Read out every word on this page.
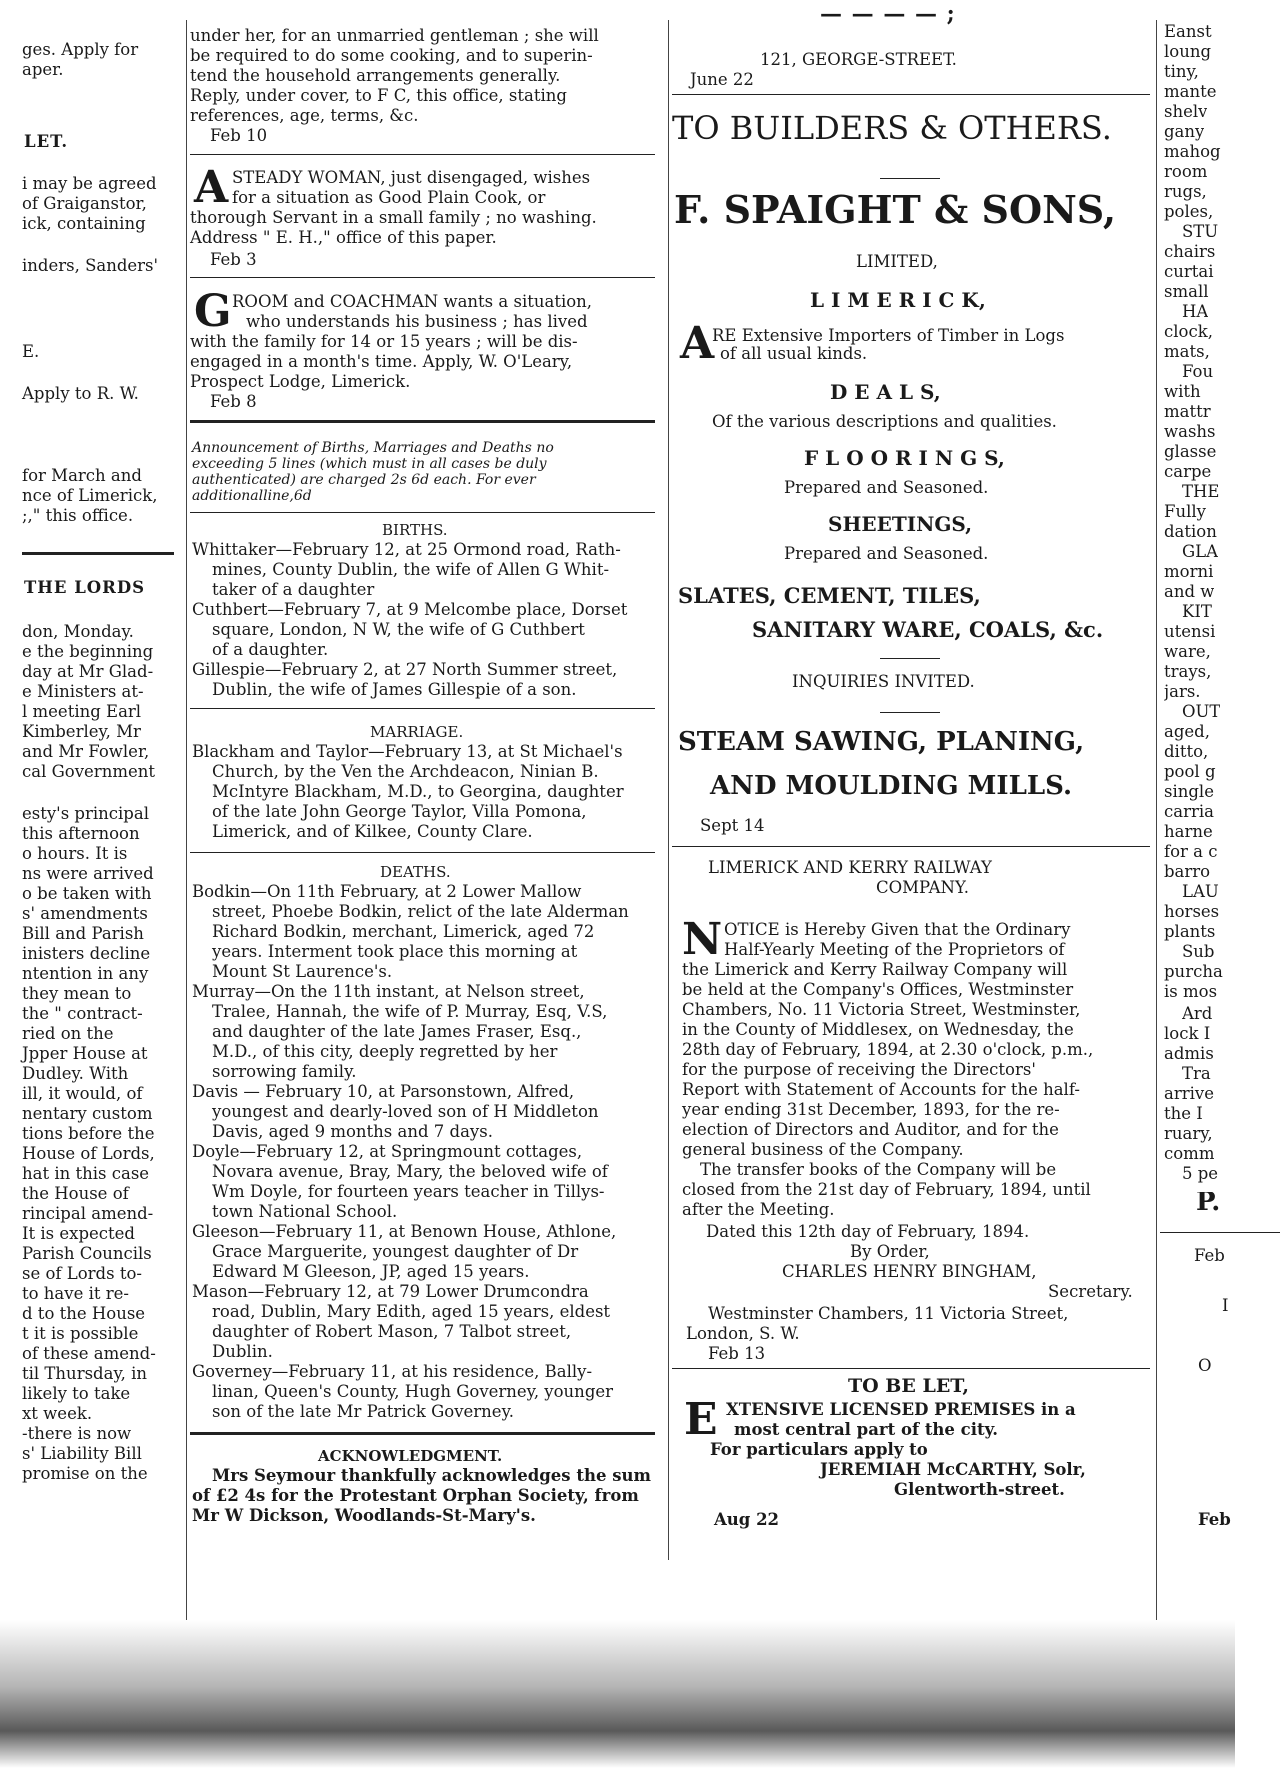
A
G
A
N
E
— — — — ;
ges. Apply for
aper.
LET.
i may be agreed
of Graiganstor,
ick, containing
inders, Sanders'
E.
Apply to R. W.
for March and
nce of Limerick,
;," this office.
THE LORDS
don, Monday.
e the beginning
day at Mr Glad-
e Ministers at-
l meeting Earl
Kimberley, Mr
and Mr Fowler,
cal Government
esty's principal
this afternoon
o hours. It is
ns were arrived
o be taken with
s' amendments
Bill and Parish
inisters decline
ntention in any
they mean to
the " contract-
ried on the
Jpper House at
Dudley. With
ill, it would, of
nentary custom
tions before the
House of Lords,
hat in this case
the House of
rincipal amend-
It is expected
Parish Councils
se of Lords to-
to have it re-
d to the House
t it is possible
of these amend-
til Thursday, in
likely to take
xt week.
-there is now
s' Liability Bill
promise on the
under her, for an unmarried gentleman ; she will
be required to do some cooking, and to superin-
tend the household arrangements generally.
Reply, under cover, to F C, this office, stating
references, age, terms, &c.
Feb 10
STEADY WOMAN, just disengaged, wishes
for a situation as Good Plain Cook, or
thorough Servant in a small family ; no washing.
Address " E. H.," office of this paper.
Feb 3
ROOM and COACHMAN wants a situation,
who understands his business ; has lived
with the family for 14 or 15 years ; will be dis-
engaged in a month's time. Apply, W. O'Leary,
Prospect Lodge, Limerick.
Feb 8
Announcement of Births, Marriages and Deaths no
exceeding 5 lines (which must in all cases be duly
authenticated) are charged 2s 6d each. For ever
additionalline,6d
BIRTHS.
Whittaker—February 12, at 25 Ormond road, Rath-
mines, County Dublin, the wife of Allen G Whit-
taker of a daughter
Cuthbert—February 7, at 9 Melcombe place, Dorset
square, London, N W, the wife of G Cuthbert
of a daughter.
Gillespie—February 2, at 27 North Summer street,
Dublin, the wife of James Gillespie of a son.
MARRIAGE.
Blackham and Taylor—February 13, at St Michael's
Church, by the Ven the Archdeacon, Ninian B.
McIntyre Blackham, M.D., to Georgina, daughter
of the late John George Taylor, Villa Pomona,
Limerick, and of Kilkee, County Clare.
DEATHS.
Bodkin—On 11th February, at 2 Lower Mallow
street, Phoebe Bodkin, relict of the late Alderman
Richard Bodkin, merchant, Limerick, aged 72
years. Interment took place this morning at
Mount St Laurence's.
Murray—On the 11th instant, at Nelson street,
Tralee, Hannah, the wife of P. Murray, Esq, V.S,
and daughter of the late James Fraser, Esq.,
M.D., of this city, deeply regretted by her
sorrowing family.
Davis — February 10, at Parsonstown, Alfred,
youngest and dearly-loved son of H Middleton
Davis, aged 9 months and 7 days.
Doyle—February 12, at Springmount cottages,
Novara avenue, Bray, Mary, the beloved wife of
Wm Doyle, for fourteen years teacher in Tillys-
town National School.
Gleeson—February 11, at Benown House, Athlone,
Grace Marguerite, youngest daughter of Dr
Edward M Gleeson, JP, aged 15 years.
Mason—February 12, at 79 Lower Drumcondra
road, Dublin, Mary Edith, aged 15 years, eldest
daughter of Robert Mason, 7 Talbot street,
Dublin.
Governey—February 11, at his residence, Bally-
linan, Queen's County, Hugh Governey, younger
son of the late Mr Patrick Governey.
ACKNOWLEDGMENT.
Mrs Seymour thankfully acknowledges the sum
of £2 4s for the Protestant Orphan Society, from
Mr W Dickson, Woodlands-St-Mary's.
121, GEORGE-STREET.
June 22
TO BUILDERS & OTHERS.
F. SPAIGHT & SONS,
LIMITED,
L I M E R I C K,
RE Extensive Importers of Timber in Logs
of all usual kinds.
D E A L S,
Of the various descriptions and qualities.
F L O O R I N G S,
Prepared and Seasoned.
SHEETINGS,
Prepared and Seasoned.
SLATES, CEMENT, TILES,
SANITARY WARE, COALS, &c.
INQUIRIES INVITED.
STEAM SAWING, PLANING,
AND MOULDING MILLS.
Sept 14
LIMERICK AND KERRY RAILWAY
COMPANY.
OTICE is Hereby Given that the Ordinary
Half-Yearly Meeting of the Proprietors of
the Limerick and Kerry Railway Company will
be held at the Company's Offices, Westminster
Chambers, No. 11 Victoria Street, Westminster,
in the County of Middlesex, on Wednesday, the
28th day of February, 1894, at 2.30 o'clock, p.m.,
for the purpose of receiving the Directors'
Report with Statement of Accounts for the half-
year ending 31st December, 1893, for the re-
election of Directors and Auditor, and for the
general business of the Company.
The transfer books of the Company will be
closed from the 21st day of February, 1894, until
after the Meeting.
Dated this 12th day of February, 1894.
By Order,
CHARLES HENRY BINGHAM,
Secretary.
Westminster Chambers, 11 Victoria Street,
London, S. W.
Feb 13
TO BE LET,
XTENSIVE LICENSED PREMISES in a
most central part of the city.
For particulars apply to
JEREMIAH McCARTHY, Solr,
Glentworth-street.
Aug 22
Eanst
loung
tiny,
mante
shelv
gany
mahog
room
rugs,
poles,
STU
chairs
curtai
small
HA
clock,
mats,
Fou
with
mattr
washs
glasse
carpe
THE
Fully
dation
GLA
morni
and w
KIT
utensi
ware,
trays,
jars.
OUT
aged,
ditto,
pool g
single
carria
harne
for a c
barro
LAU
horses
plants
Sub
purcha
is mos
Ard
lock I
admis
Tra
arrive
the I
ruary,
comm
5 pe
P.
Feb
I
O
Feb
